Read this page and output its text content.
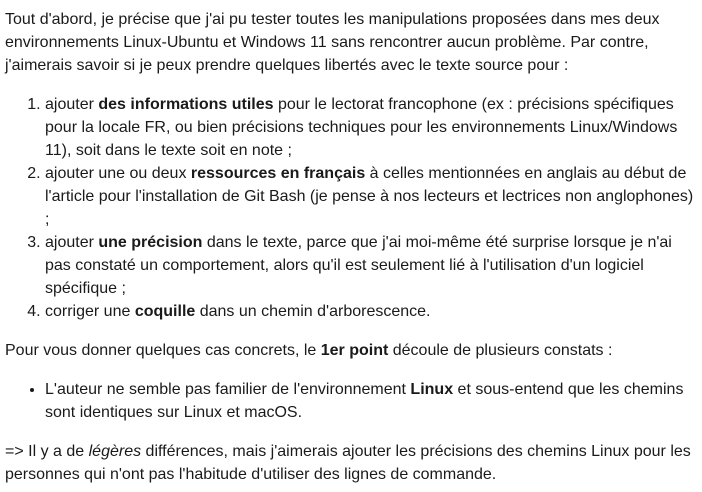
Tout d'abord, je précise que j'ai pu tester toutes les manipulations proposées dans mes deux environnements Linux-Ubuntu et Windows 11 sans rencontrer aucun problème. Par contre, j'aimerais savoir si je peux prendre quelques libertés avec le texte source pour :

1. ajouter des informations utiles pour le lectorat francophone (ex : précisions spécifiques pour la locale FR, ou bien précisions techniques pour les environnements Linux/Windows 11), soit dans le texte soit en note ;
2. ajouter une ou deux ressources en français à celles mentionnées en anglais au début de l'article pour l'installation de Git Bash (je pense à nos lecteurs et lectrices non anglophones) ;
3. ajouter une précision dans le texte, parce que j'ai moi-même été surprise lorsque je n'ai pas constaté un comportement, alors qu'il est seulement lié à l'utilisation d'un logiciel spécifique ;
4. corriger une coquille dans un chemin d'arborescence.

Pour vous donner quelques cas concrets, le 1er point découle de plusieurs constats :

• L'auteur ne semble pas familier de l'environnement Linux et sous-entend que les chemins sont identiques sur Linux et macOS.

=> Il y a de légères différences, mais j'aimerais ajouter les précisions des chemins Linux pour les personnes qui n'ont pas l'habitude d'utiliser des lignes de commande.
